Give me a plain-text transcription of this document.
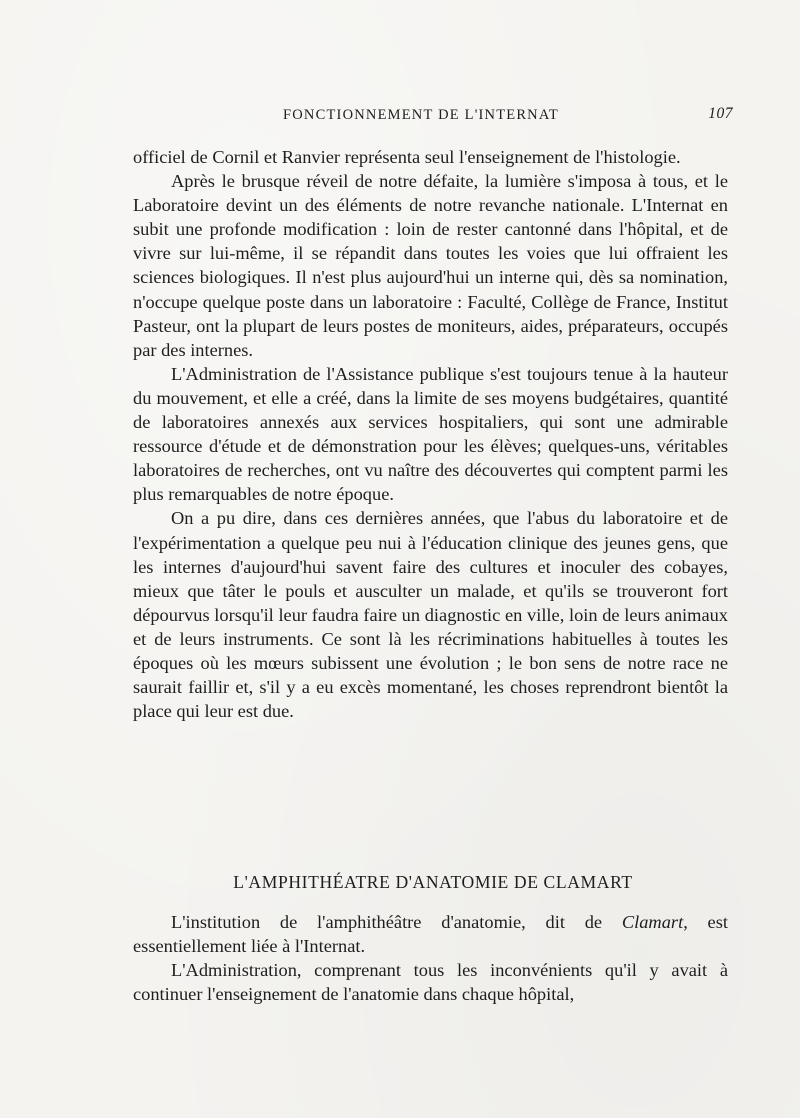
FONCTIONNEMENT DE L'INTERNAT	107

officiel de Cornil et Ranvier représenta seul l'enseignement de l'histologie.

Après le brusque réveil de notre défaite, la lumière s'imposa à tous, et le Laboratoire devint un des éléments de notre revanche nationale. L'Internat en subit une profonde modification : loin de rester cantonné dans l'hôpital, et de vivre sur lui-même, il se répandit dans toutes les voies que lui offraient les sciences biologiques. Il n'est plus aujourd'hui un interne qui, dès sa nomination, n'occupe quelque poste dans un laboratoire : Faculté, Collège de France, Institut Pasteur, ont la plupart de leurs postes de moniteurs, aides, préparateurs, occupés par des internes.

L'Administration de l'Assistance publique s'est toujours tenue à la hauteur du mouvement, et elle a créé, dans la limite de ses moyens budgétaires, quantité de laboratoires annexés aux services hospitaliers, qui sont une admirable ressource d'étude et de démonstration pour les élèves; quelques-uns, véritables laboratoires de recherches, ont vu naître des découvertes qui comptent parmi les plus remarquables de notre époque.

On a pu dire, dans ces dernières années, que l'abus du laboratoire et de l'expérimentation a quelque peu nui à l'éducation clinique des jeunes gens, que les internes d'aujourd'hui savent faire des cultures et inoculer des cobayes, mieux que tâter le pouls et ausculter un malade, et qu'ils se trouveront fort dépourvus lorsqu'il leur faudra faire un diagnostic en ville, loin de leurs animaux et de leurs instruments. Ce sont là les récriminations habituelles à toutes les époques où les mœurs subissent une évolution ; le bon sens de notre race ne saurait faillir et, s'il y a eu excès momentané, les choses reprendront bientôt la place qui leur est due.

L'AMPHITHÉATRE D'ANATOMIE DE CLAMART

L'institution de l'amphithéâtre d'anatomie, dit de Clamart, est essentiellement liée à l'Internat.

L'Administration, comprenant tous les inconvénients qu'il y avait à continuer l'enseignement de l'anatomie dans chaque hôpital,
